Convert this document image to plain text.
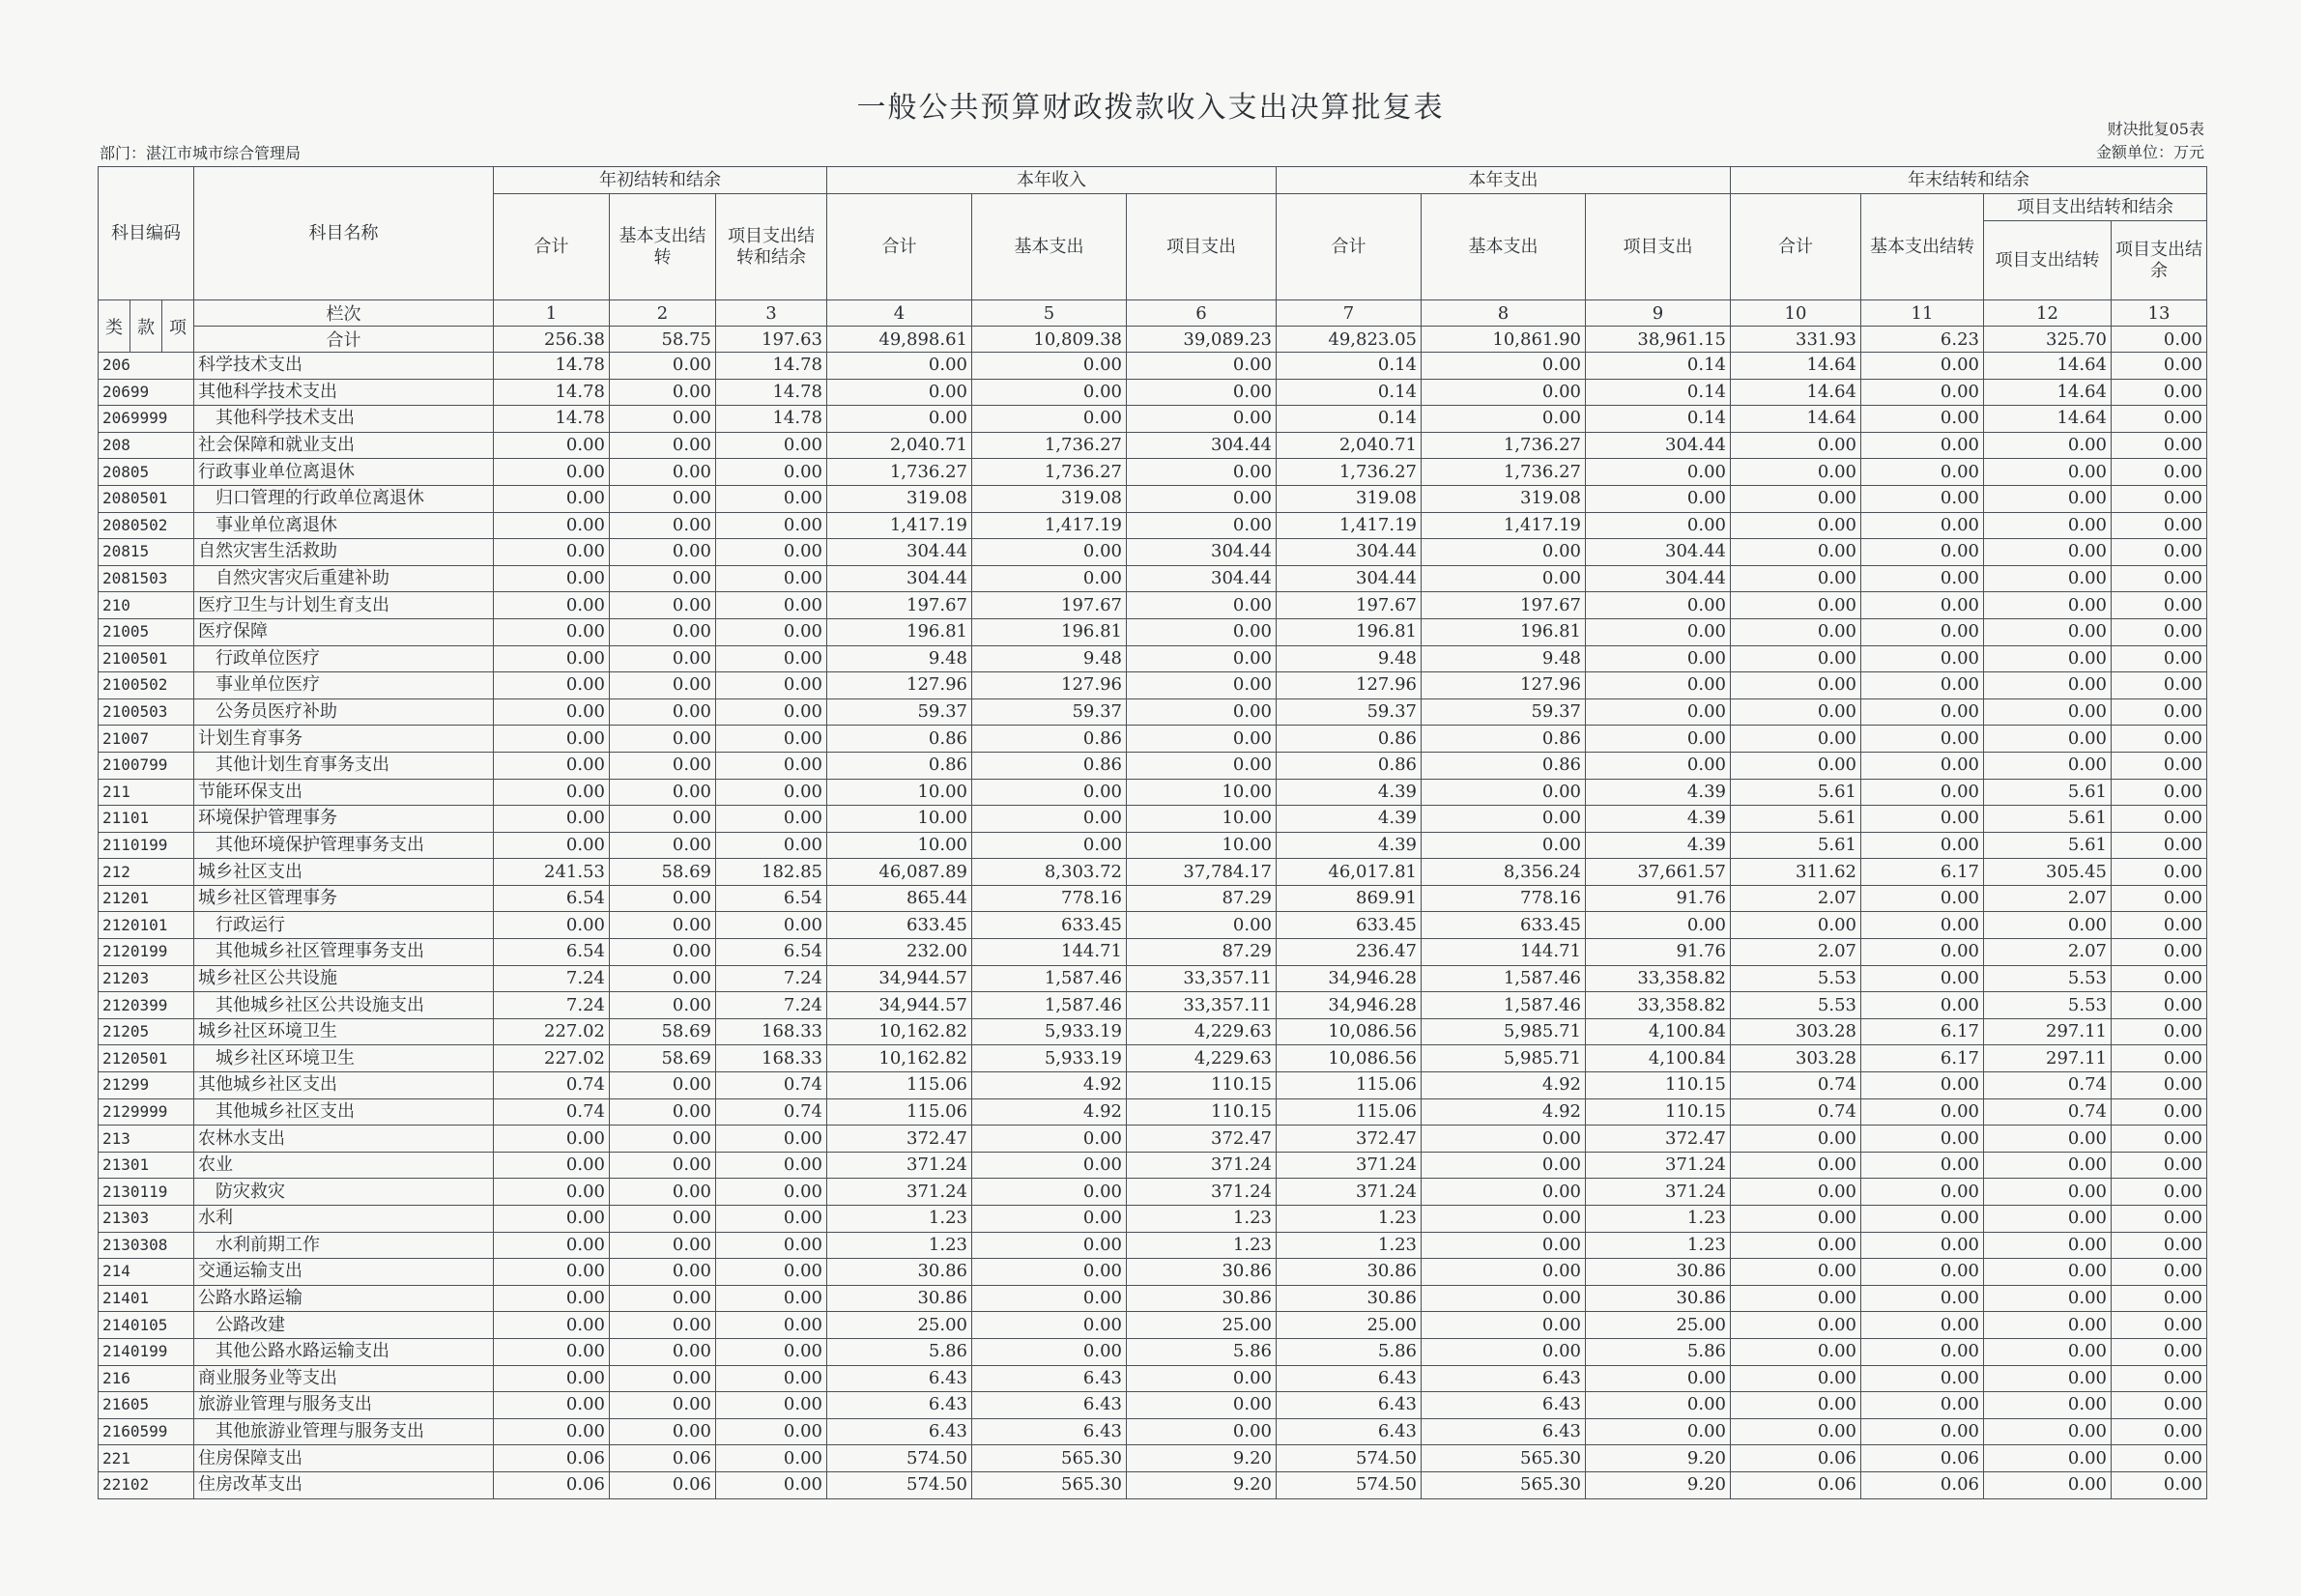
一般公共预算财政拨款收入支出决算批复表
部门：湛江市城市综合管理局
财决批复05表
金额单位：万元
科目编码			科目名称	年初结转和结余			本年收入			本年支出			年末结转和结余			
				合计	基本支出结转	项目支出结转和结余	合计	基本支出	项目支出	合计	基本支出	项目支出	合计	基本支出结转	项目支出结转和结余	
															项目支出结转	项目支出结余
类	款	项	栏次	1	2	3	4	5	6	7	8	9	10	11	12	13
			合计	256.38	58.75	197.63	49,898.61	10,809.38	39,089.23	49,823.05	10,861.90	38,961.15	331.93	6.23	325.70	0.00
206			科学技术支出	14.78	0.00	14.78	0.00	0.00	0.00	0.14	0.00	0.14	14.64	0.00	14.64	0.00
20699			其他科学技术支出	14.78	0.00	14.78	0.00	0.00	0.00	0.14	0.00	0.14	14.64	0.00	14.64	0.00
2069999			其他科学技术支出	14.78	0.00	14.78	0.00	0.00	0.00	0.14	0.00	0.14	14.64	0.00	14.64	0.00
208			社会保障和就业支出	0.00	0.00	0.00	2,040.71	1,736.27	304.44	2,040.71	1,736.27	304.44	0.00	0.00	0.00	0.00
20805			行政事业单位离退休	0.00	0.00	0.00	1,736.27	1,736.27	0.00	1,736.27	1,736.27	0.00	0.00	0.00	0.00	0.00
2080501			归口管理的行政单位离退休	0.00	0.00	0.00	319.08	319.08	0.00	319.08	319.08	0.00	0.00	0.00	0.00	0.00
2080502			事业单位离退休	0.00	0.00	0.00	1,417.19	1,417.19	0.00	1,417.19	1,417.19	0.00	0.00	0.00	0.00	0.00
20815			自然灾害生活救助	0.00	0.00	0.00	304.44	0.00	304.44	304.44	0.00	304.44	0.00	0.00	0.00	0.00
2081503			自然灾害灾后重建补助	0.00	0.00	0.00	304.44	0.00	304.44	304.44	0.00	304.44	0.00	0.00	0.00	0.00
210			医疗卫生与计划生育支出	0.00	0.00	0.00	197.67	197.67	0.00	197.67	197.67	0.00	0.00	0.00	0.00	0.00
21005			医疗保障	0.00	0.00	0.00	196.81	196.81	0.00	196.81	196.81	0.00	0.00	0.00	0.00	0.00
2100501			行政单位医疗	0.00	0.00	0.00	9.48	9.48	0.00	9.48	9.48	0.00	0.00	0.00	0.00	0.00
2100502			事业单位医疗	0.00	0.00	0.00	127.96	127.96	0.00	127.96	127.96	0.00	0.00	0.00	0.00	0.00
2100503			公务员医疗补助	0.00	0.00	0.00	59.37	59.37	0.00	59.37	59.37	0.00	0.00	0.00	0.00	0.00
21007			计划生育事务	0.00	0.00	0.00	0.86	0.86	0.00	0.86	0.86	0.00	0.00	0.00	0.00	0.00
2100799			其他计划生育事务支出	0.00	0.00	0.00	0.86	0.86	0.00	0.86	0.86	0.00	0.00	0.00	0.00	0.00
211			节能环保支出	0.00	0.00	0.00	10.00	0.00	10.00	4.39	0.00	4.39	5.61	0.00	5.61	0.00
21101			环境保护管理事务	0.00	0.00	0.00	10.00	0.00	10.00	4.39	0.00	4.39	5.61	0.00	5.61	0.00
2110199			其他环境保护管理事务支出	0.00	0.00	0.00	10.00	0.00	10.00	4.39	0.00	4.39	5.61	0.00	5.61	0.00
212			城乡社区支出	241.53	58.69	182.85	46,087.89	8,303.72	37,784.17	46,017.81	8,356.24	37,661.57	311.62	6.17	305.45	0.00
21201			城乡社区管理事务	6.54	0.00	6.54	865.44	778.16	87.29	869.91	778.16	91.76	2.07	0.00	2.07	0.00
2120101			行政运行	0.00	0.00	0.00	633.45	633.45	0.00	633.45	633.45	0.00	0.00	0.00	0.00	0.00
2120199			其他城乡社区管理事务支出	6.54	0.00	6.54	232.00	144.71	87.29	236.47	144.71	91.76	2.07	0.00	2.07	0.00
21203			城乡社区公共设施	7.24	0.00	7.24	34,944.57	1,587.46	33,357.11	34,946.28	1,587.46	33,358.82	5.53	0.00	5.53	0.00
2120399			其他城乡社区公共设施支出	7.24	0.00	7.24	34,944.57	1,587.46	33,357.11	34,946.28	1,587.46	33,358.82	5.53	0.00	5.53	0.00
21205			城乡社区环境卫生	227.02	58.69	168.33	10,162.82	5,933.19	4,229.63	10,086.56	5,985.71	4,100.84	303.28	6.17	297.11	0.00
2120501			城乡社区环境卫生	227.02	58.69	168.33	10,162.82	5,933.19	4,229.63	10,086.56	5,985.71	4,100.84	303.28	6.17	297.11	0.00
21299			其他城乡社区支出	0.74	0.00	0.74	115.06	4.92	110.15	115.06	4.92	110.15	0.74	0.00	0.74	0.00
2129999			其他城乡社区支出	0.74	0.00	0.74	115.06	4.92	110.15	115.06	4.92	110.15	0.74	0.00	0.74	0.00
213			农林水支出	0.00	0.00	0.00	372.47	0.00	372.47	372.47	0.00	372.47	0.00	0.00	0.00	0.00
21301			农业	0.00	0.00	0.00	371.24	0.00	371.24	371.24	0.00	371.24	0.00	0.00	0.00	0.00
2130119			防灾救灾	0.00	0.00	0.00	371.24	0.00	371.24	371.24	0.00	371.24	0.00	0.00	0.00	0.00
21303			水利	0.00	0.00	0.00	1.23	0.00	1.23	1.23	0.00	1.23	0.00	0.00	0.00	0.00
2130308			水利前期工作	0.00	0.00	0.00	1.23	0.00	1.23	1.23	0.00	1.23	0.00	0.00	0.00	0.00
214			交通运输支出	0.00	0.00	0.00	30.86	0.00	30.86	30.86	0.00	30.86	0.00	0.00	0.00	0.00
21401			公路水路运输	0.00	0.00	0.00	30.86	0.00	30.86	30.86	0.00	30.86	0.00	0.00	0.00	0.00
2140105			公路改建	0.00	0.00	0.00	25.00	0.00	25.00	25.00	0.00	25.00	0.00	0.00	0.00	0.00
2140199			其他公路水路运输支出	0.00	0.00	0.00	5.86	0.00	5.86	5.86	0.00	5.86	0.00	0.00	0.00	0.00
216			商业服务业等支出	0.00	0.00	0.00	6.43	6.43	0.00	6.43	6.43	0.00	0.00	0.00	0.00	0.00
21605			旅游业管理与服务支出	0.00	0.00	0.00	6.43	6.43	0.00	6.43	6.43	0.00	0.00	0.00	0.00	0.00
2160599			其他旅游业管理与服务支出	0.00	0.00	0.00	6.43	6.43	0.00	6.43	6.43	0.00	0.00	0.00	0.00	0.00
221			住房保障支出	0.06	0.06	0.00	574.50	565.30	9.20	574.50	565.30	9.20	0.06	0.06	0.00	0.00
22102			住房改革支出	0.06	0.06	0.00	574.50	565.30	9.20	574.50	565.30	9.20	0.06	0.06	0.00	0.00
